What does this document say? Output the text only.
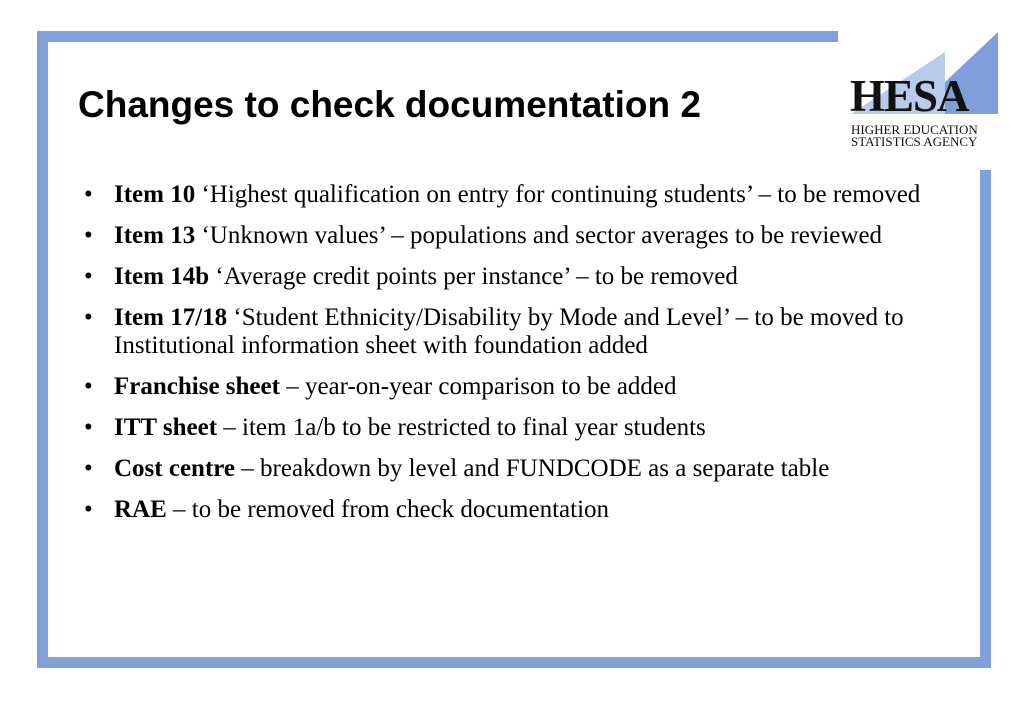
Changes to check documentation 2	HESA
HIGHER EDUCATION
STATISTICS AGENCY
• Item 10 ‘Highest qualification on entry for continuing students’ – to be removed
• Item 13 ‘Unknown values’ – populations and sector averages to be reviewed
• Item 14b ‘Average credit points per instance’ – to be removed
• Item 17/18 ‘Student Ethnicity/Disability by Mode and Level’ – to be moved to Institutional information sheet with foundation added
• Franchise sheet – year-on-year comparison to be added
• ITT sheet – item 1a/b to be restricted to final year students
• Cost centre – breakdown by level and FUNDCODE as a separate table
• RAE – to be removed from check documentation
